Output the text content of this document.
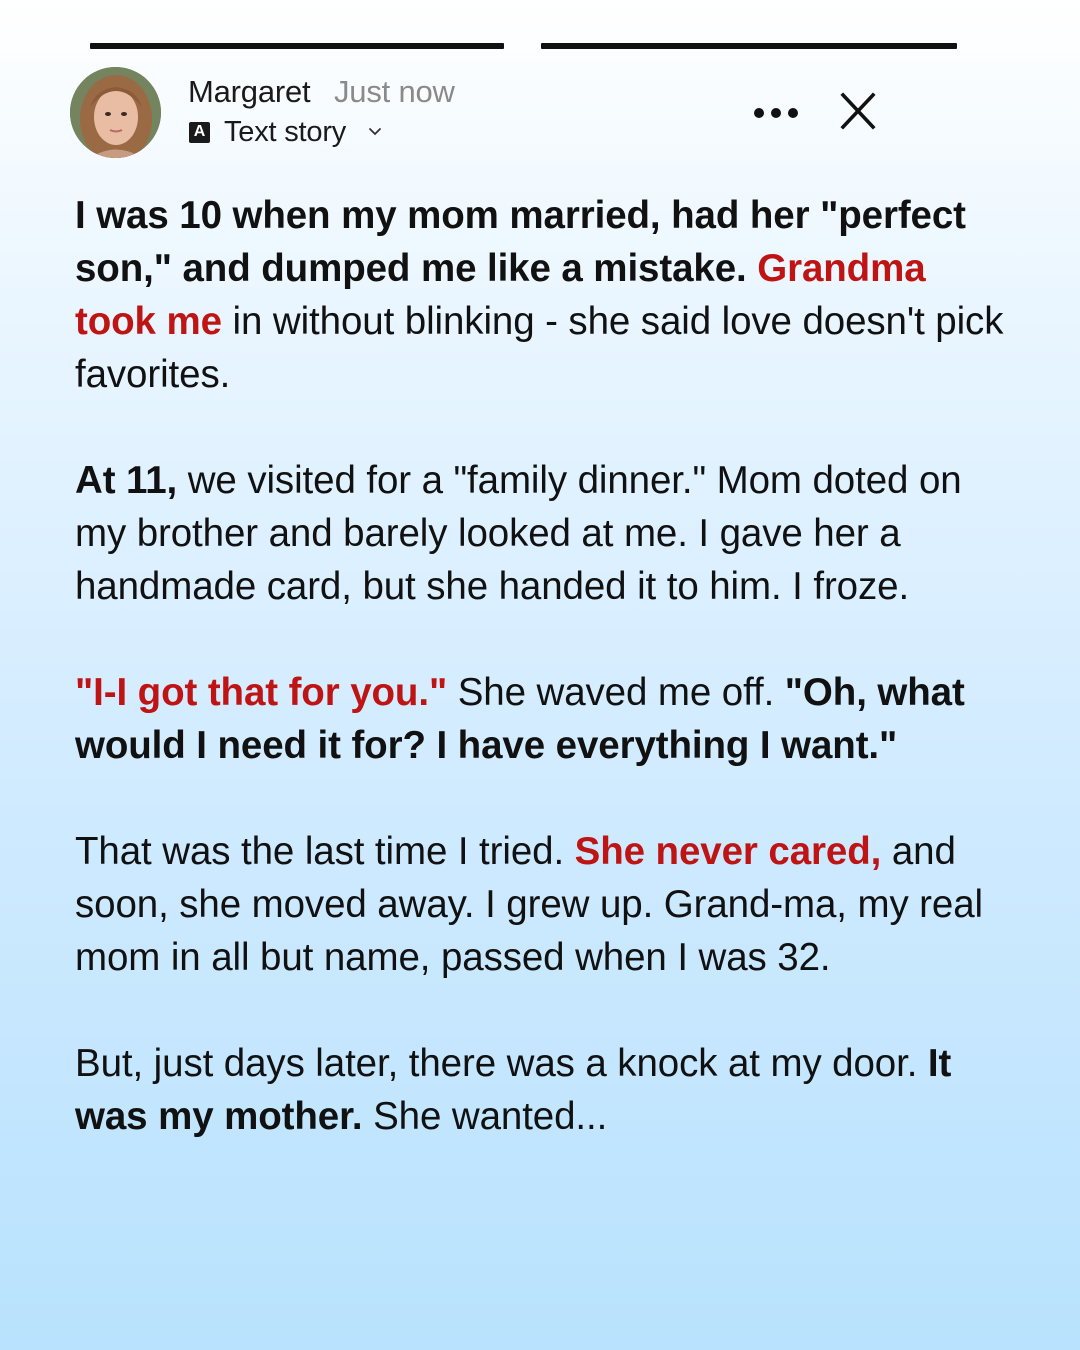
Margaret Just now
A Text story

I was 10 when my mom married, had her "perfect son," and dumped me like a mistake. Grandma took me in without blinking - she said love doesn't pick favorites.

At 11, we visited for a "family dinner." Mom doted on my brother and barely looked at me. I gave her a handmade card, but she handed it to him. I froze.

"I-I got that for you." She waved me off. "Oh, what would I need it for? I have everything I want."

That was the last time I tried. She never cared, and soon, she moved away. I grew up. Grand-ma, my real mom in all but name, passed when I was 32.

But, just days later, there was a knock at my door. It was my mother. She wanted...
